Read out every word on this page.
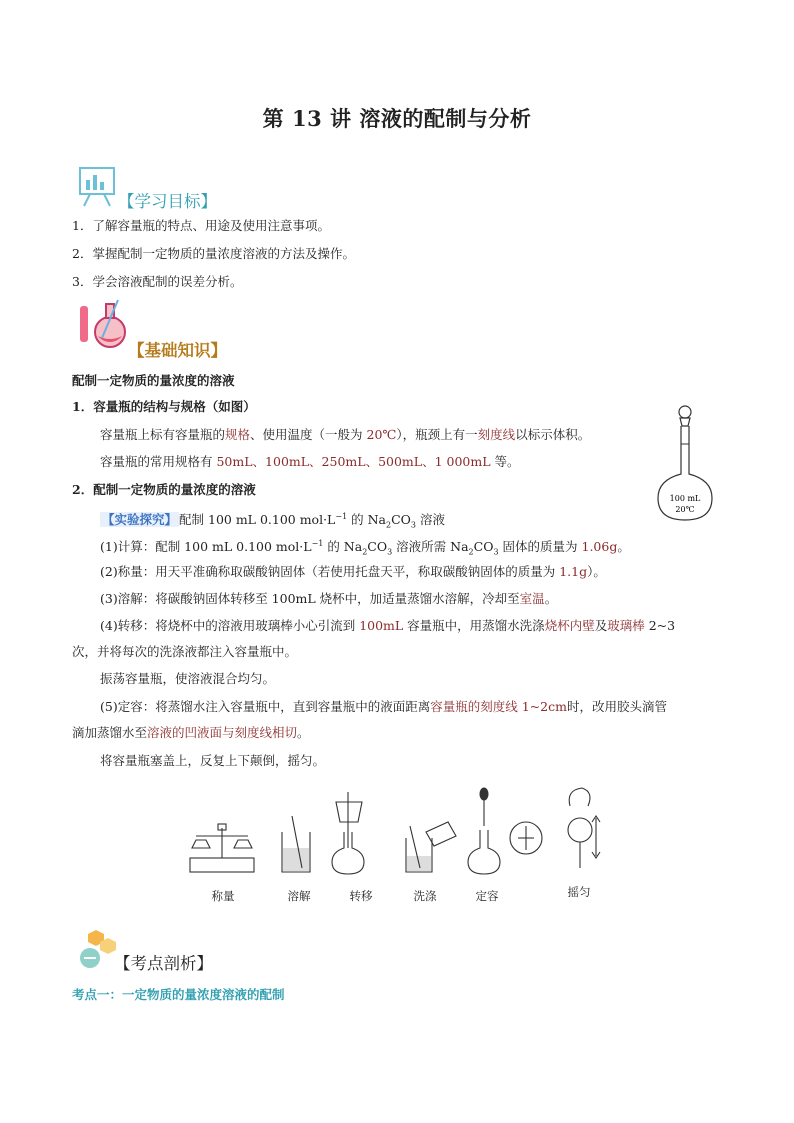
第 13 讲 溶液的配制与分析
【学习目标】
1．了解容量瓶的特点、用途及使用注意事项。
2．掌握配制一定物质的量浓度溶液的方法及操作。
3．学会溶液配制的误差分析。
【基础知识】
配制一定物质的量浓度的溶液
1．容量瓶的结构与规格（如图）
容量瓶上标有容量瓶的规格、使用温度（一般为 20℃），瓶颈上有一刻度线以标示体积。
容量瓶的常用规格有 50mL、100mL、250mL、500mL、1 000mL 等。
100 mL
20℃
2．配制一定物质的量浓度的溶液
【实验探究】 配制 100 mL 0.100 $mol\cdot L^{-1}$ 的 $Na_2CO_3$ 溶液
(1)计算：配制 100 mL 0.100 $mol\cdot L^{-1}$ 的 $Na_2CO_3$ 溶液所需 $Na_2CO_3$ 固体的质量为 1.06g。
(2)称量：用天平准确称取碳酸钠固体（若使用托盘天平，称取碳酸钠固体的质量为 1.1g）。
(3)溶解：将碳酸钠固体转移至 100mL 烧杯中，加适量蒸馏水溶解，冷却至室温。
(4)转移：将烧杯中的溶液用玻璃棒小心引流到 100mL 容量瓶中，用蒸馏水洗涤烧杯内壁及玻璃棒 2~3
次，并将每次的洗涤液都注入容量瓶中。
振荡容量瓶，使溶液混合均匀。
(5)定容：将蒸馏水注入容量瓶中，直到容量瓶中的液面距离容量瓶的刻度线 1~2cm时，改用胶头滴管
滴加蒸馏水至溶液的凹液面与刻度线相切。
将容量瓶塞盖上，反复上下颠倒，摇匀。
称量	溶解	转移	洗涤	定容	摇匀
【考点剖析】
考点一：一定物质的量浓度溶液的配制
